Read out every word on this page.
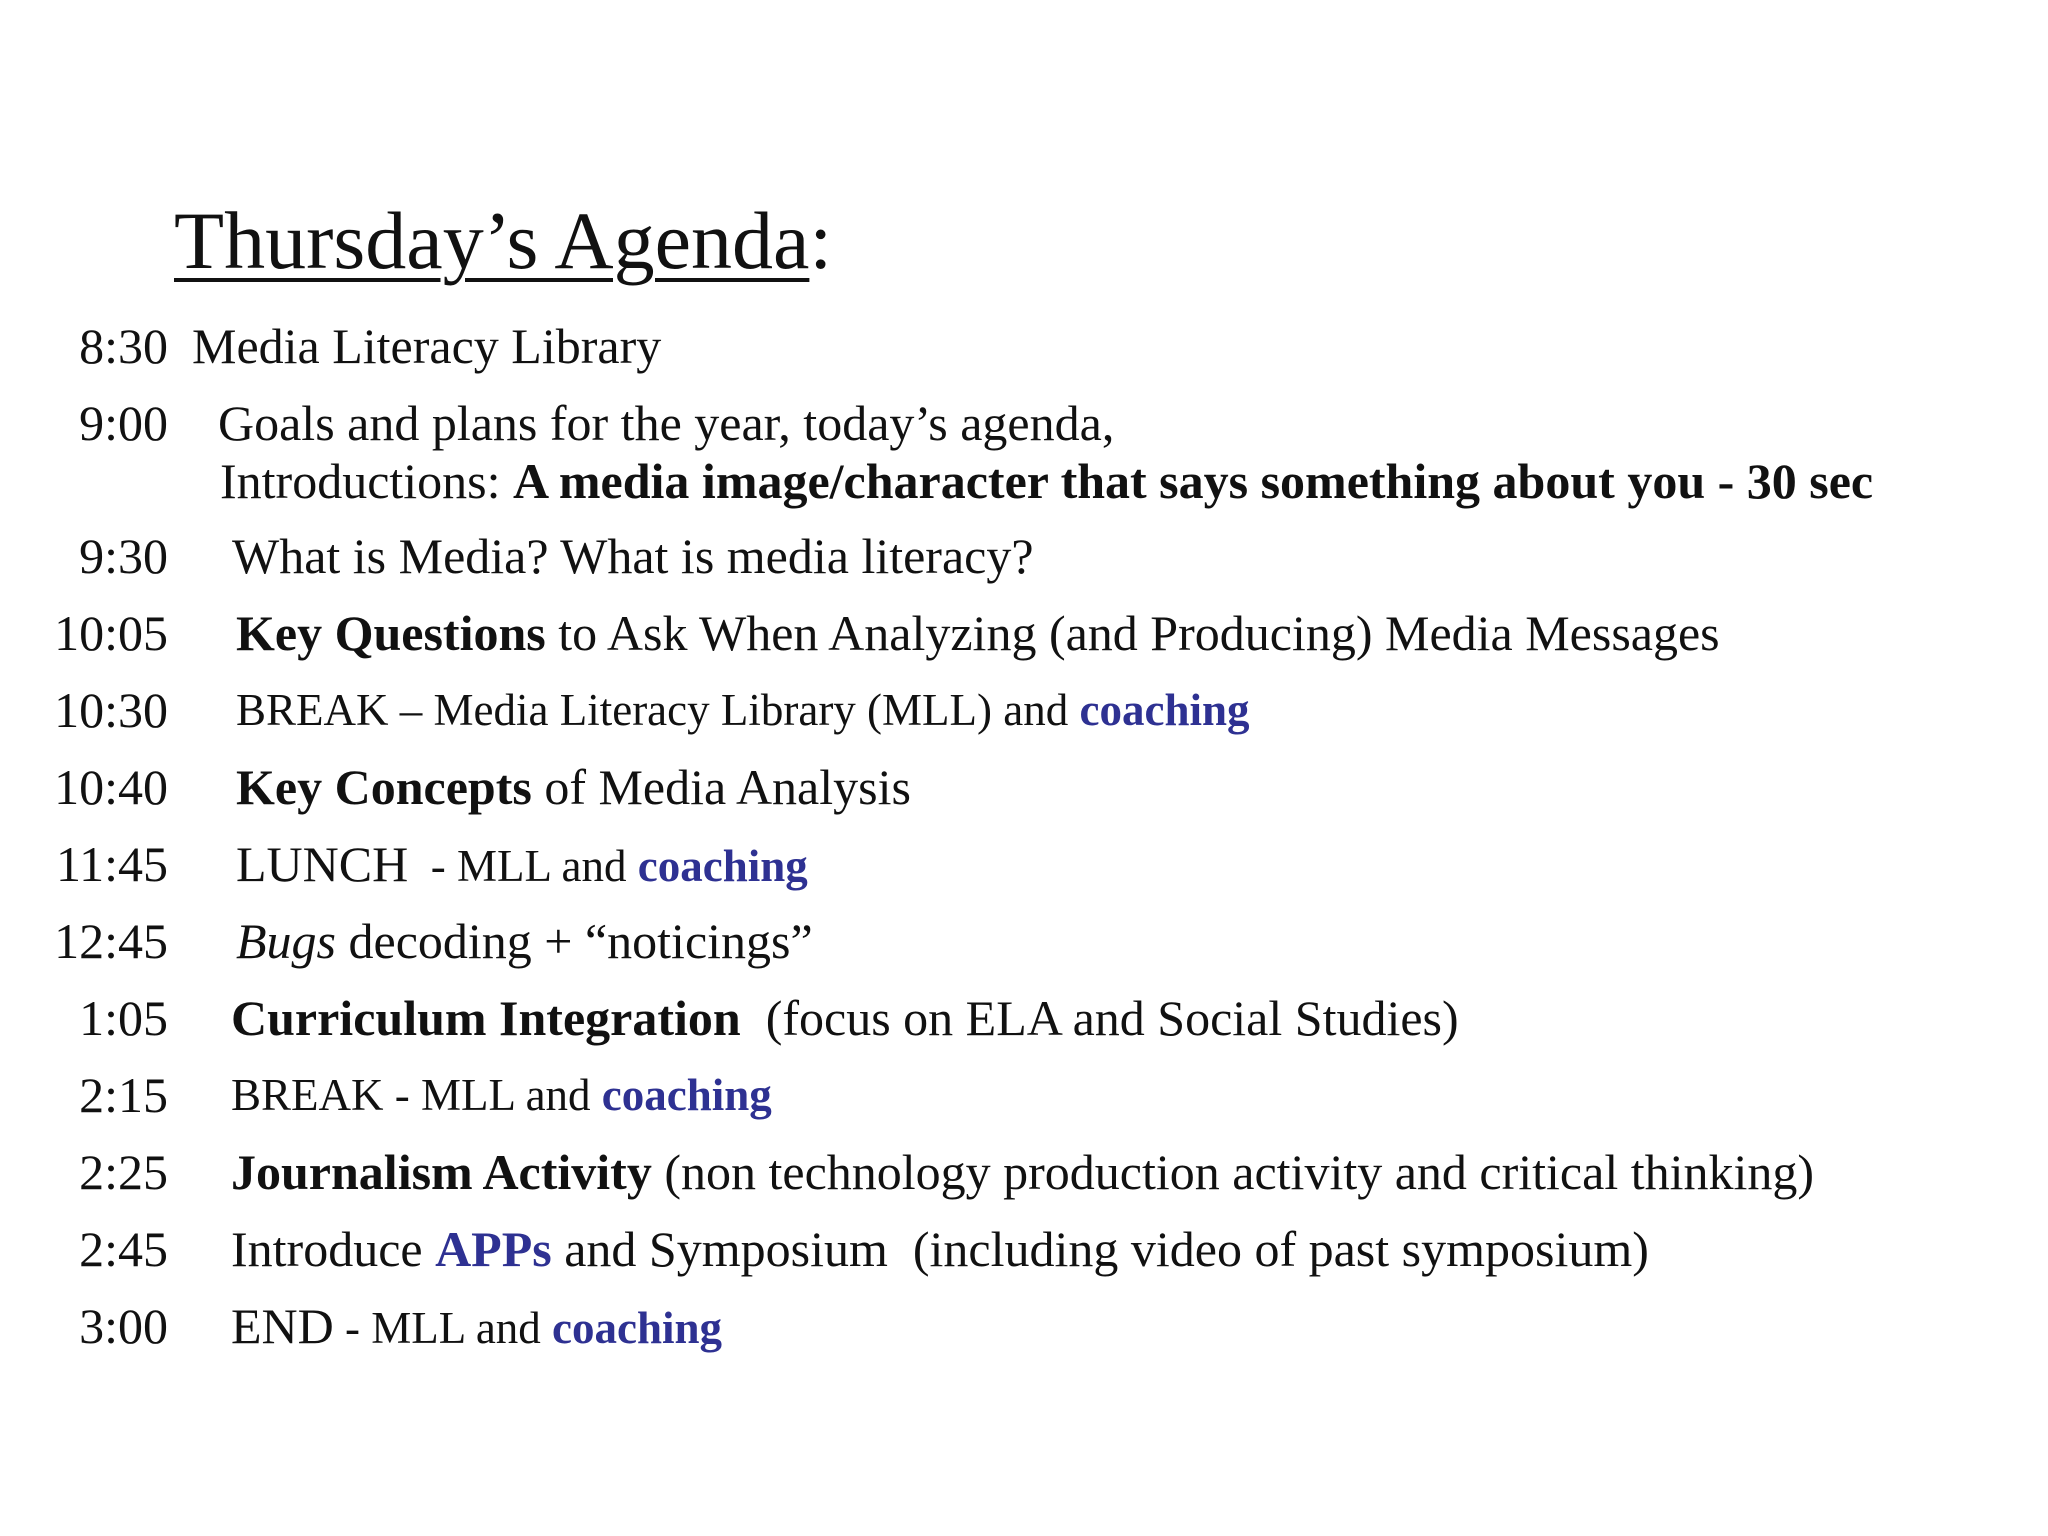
Thursday’s Agenda:
8:30 Media Literacy Library
9:00 Goals and plans for the year, today’s agenda,
Introductions: A media image/character that says something about you - 30 sec
9:30 What is Media? What is media literacy?
10:05 Key Questions to Ask When Analyzing (and Producing) Media Messages
10:30 BREAK – Media Literacy Library (MLL) and coaching
10:40 Key Concepts of Media Analysis
11:45 LUNCH  - MLL and coaching
12:45 Bugs decoding + “noticings”
1:05 Curriculum Integration  (focus on ELA and Social Studies)
2:15 BREAK - MLL and coaching
2:25 Journalism Activity (non technology production activity and critical thinking)
2:45 Introduce APPs and Symposium  (including video of past symposium)
3:00 END - MLL and coaching
